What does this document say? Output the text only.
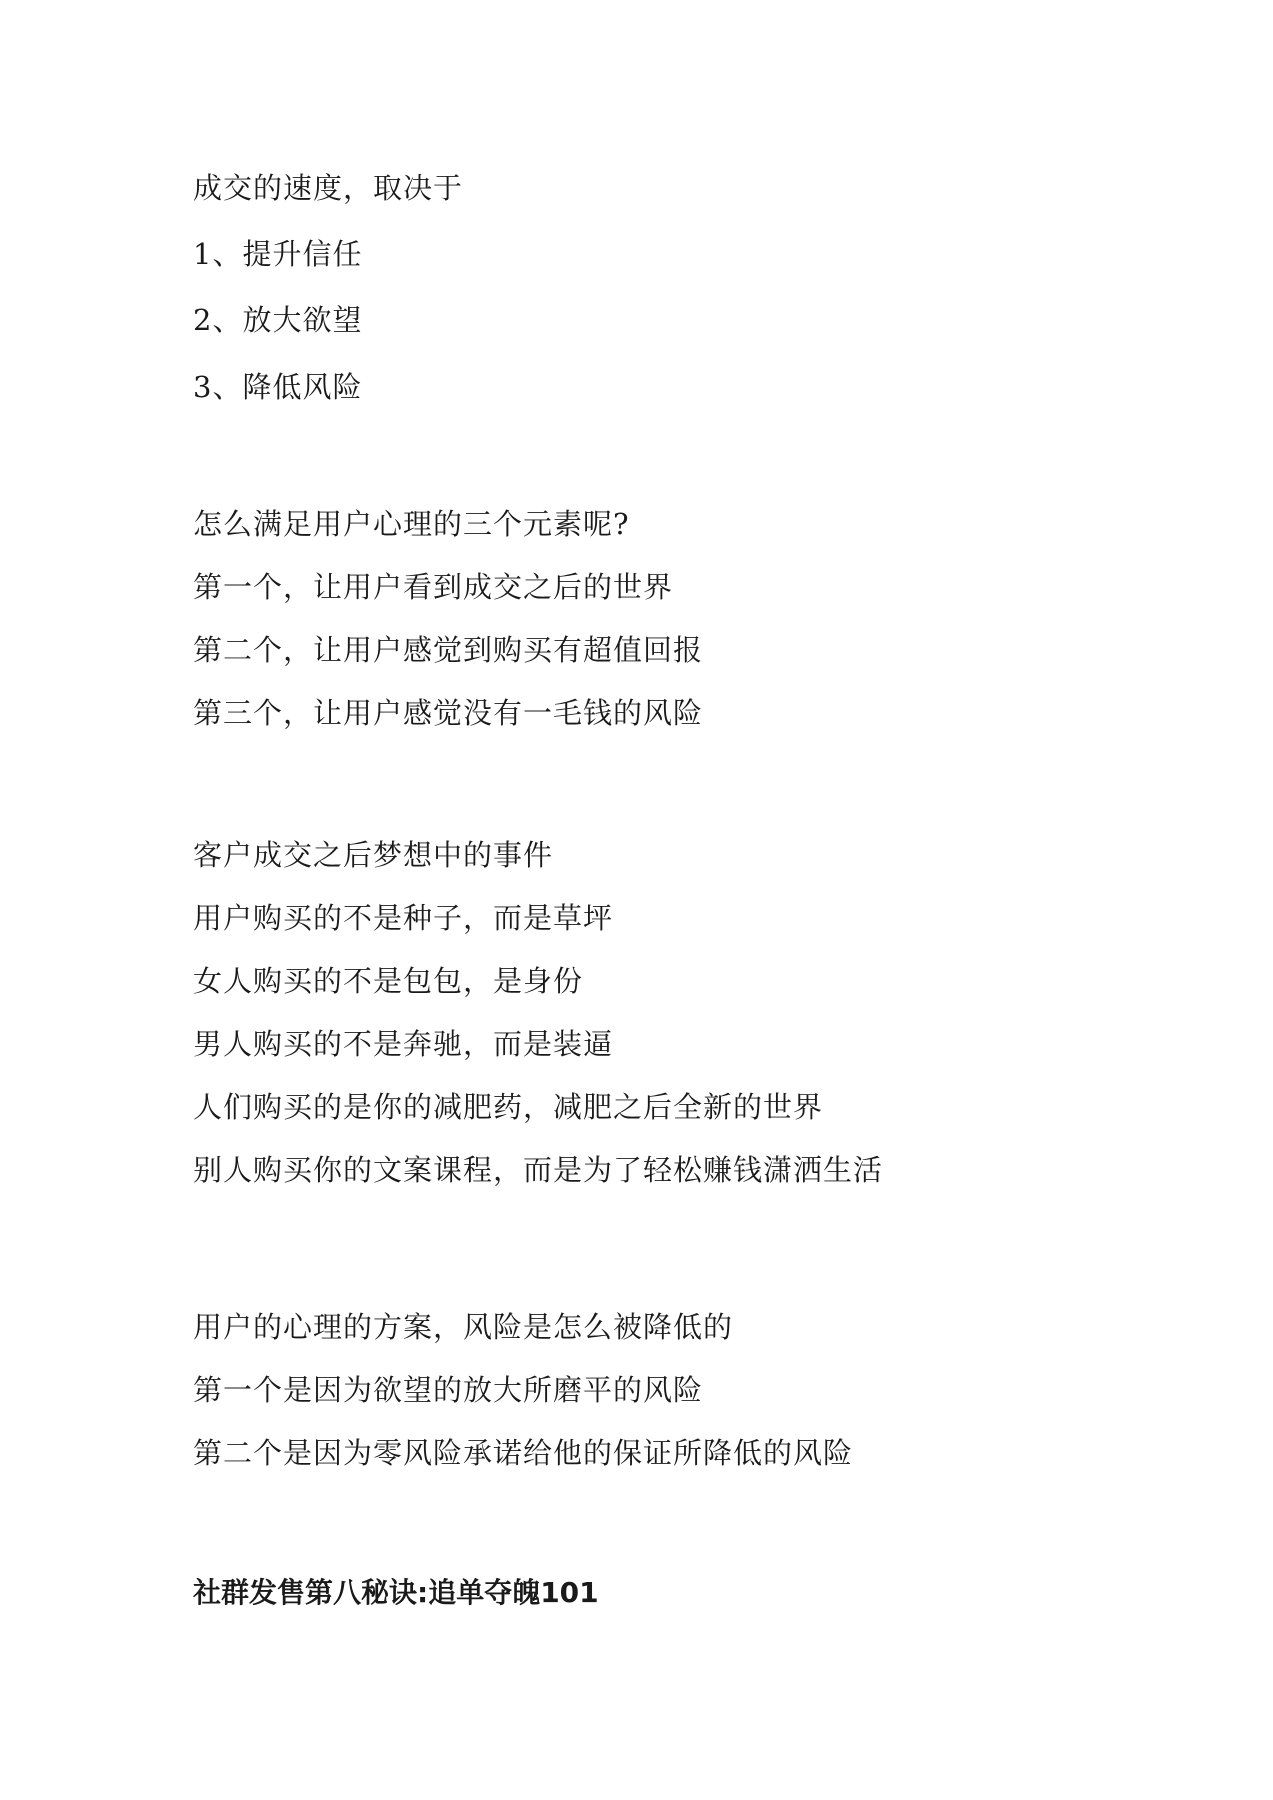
成交的速度，取决于

1、提升信任

2、放大欲望

3、降低风险

怎么满足用户心理的三个元素呢?

第一个，让用户看到成交之后的世界

第二个，让用户感觉到购买有超值回报

第三个，让用户感觉没有一毛钱的风险

客户成交之后梦想中的事件

用户购买的不是种子，而是草坪

女人购买的不是包包，是身份

男人购买的不是奔驰，而是装逼

人们购买的是你的减肥药，减肥之后全新的世界

别人购买你的文案课程，而是为了轻松赚钱潇洒生活

用户的心理的方案，风险是怎么被降低的

第一个是因为欲望的放大所磨平的风险

第二个是因为零风险承诺给他的保证所降低的风险

社群发售第八秘诀:追单夺魄101
